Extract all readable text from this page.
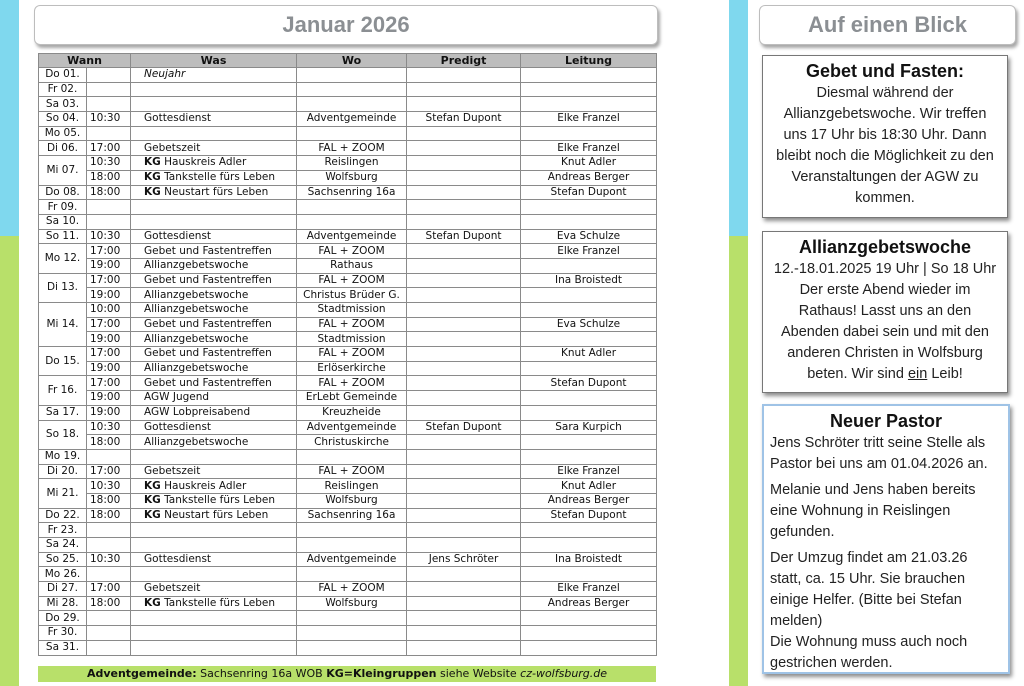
Januar 2026	Auf einen Blick
Wann		Was	Wo	Predigt	Leitung
Do 01.		Neujahr			
Fr 02.					
Sa 03.					
So 04.	10:30	Gottesdienst	Adventgemeinde	Stefan Dupont	Elke Franzel
Mo 05.					
Di 06.	17:00	Gebetszeit	FAL + ZOOM		Elke Franzel
Mi 07.	10:30	KG Hauskreis Adler	Reislingen		Knut Adler
	18:00	KG Tankstelle fürs Leben	Wolfsburg		Andreas Berger
Do 08.	18:00	KG Neustart fürs Leben	Sachsenring 16a		Stefan Dupont
Fr 09.					
Sa 10.					
So 11.	10:30	Gottesdienst	Adventgemeinde	Stefan Dupont	Eva Schulze
Mo 12.	17:00	Gebet und Fastentreffen	FAL + ZOOM		Elke Franzel
	19:00	Allianzgebetswoche	Rathaus		
Di 13.	17:00	Gebet und Fastentreffen	FAL + ZOOM		Ina Broistedt
	19:00	Allianzgebetswoche	Christus Brüder G.		
Mi 14.	10:00	Allianzgebetswoche	Stadtmission		
	17:00	Gebet und Fastentreffen	FAL + ZOOM		Eva Schulze
	19:00	Allianzgebetswoche	Stadtmission		
Do 15.	17:00	Gebet und Fastentreffen	FAL + ZOOM		Knut Adler
	19:00	Allianzgebetswoche	Erlöserkirche		
Fr 16.	17:00	Gebet und Fastentreffen	FAL + ZOOM		Stefan Dupont
	19:00	AGW Jugend	ErLebt Gemeinde		
Sa 17.	19:00	AGW Lobpreisabend	Kreuzheide		
So 18.	10:30	Gottesdienst	Adventgemeinde	Stefan Dupont	Sara Kurpich
	18:00	Allianzgebetswoche	Christuskirche		
Mo 19.					
Di 20.	17:00	Gebetszeit	FAL + ZOOM		Elke Franzel
Mi 21.	10:30	KG Hauskreis Adler	Reislingen		Knut Adler
	18:00	KG Tankstelle fürs Leben	Wolfsburg		Andreas Berger
Do 22.	18:00	KG Neustart fürs Leben	Sachsenring 16a		Stefan Dupont
Fr 23.					
Sa 24.					
So 25.	10:30	Gottesdienst	Adventgemeinde	Jens Schröter	Ina Broistedt
Mo 26.					
Di 27.	17:00	Gebetszeit	FAL + ZOOM		Elke Franzel
Mi 28.	18:00	KG Tankstelle fürs Leben	Wolfsburg		Andreas Berger
Do 29.					
Fr 30.					
Sa 31.					
Adventgemeinde: Sachsenring 16a WOB KG=Kleingruppen siehe Website cz-wolfsburg.de
Gebet und Fasten:

Diesmal während der Allianzgebetswoche. Wir treffen uns 17 Uhr bis 18:30 Uhr. Dann bleibt noch die Möglichkeit zu den Veranstaltungen der AGW zu kommen.

Allianzgebetswoche

12.-18.01.2025 19 Uhr | So 18 Uhr

Der erste Abend wieder im Rathaus! Lasst uns an den Abenden dabei sein und mit den anderen Christen in Wolfsburg beten. Wir sind ein Leib!

Neuer Pastor

Jens Schröter tritt seine Stelle als Pastor bei uns am 01.04.2026 an.

Melanie und Jens haben bereits eine Wohnung in Reislingen gefunden.

Der Umzug findet am 21.03.26 statt, ca. 15 Uhr. Sie brauchen einige Helfer. (Bitte bei Stefan melden)

Die Wohnung muss auch noch gestrichen werden.
